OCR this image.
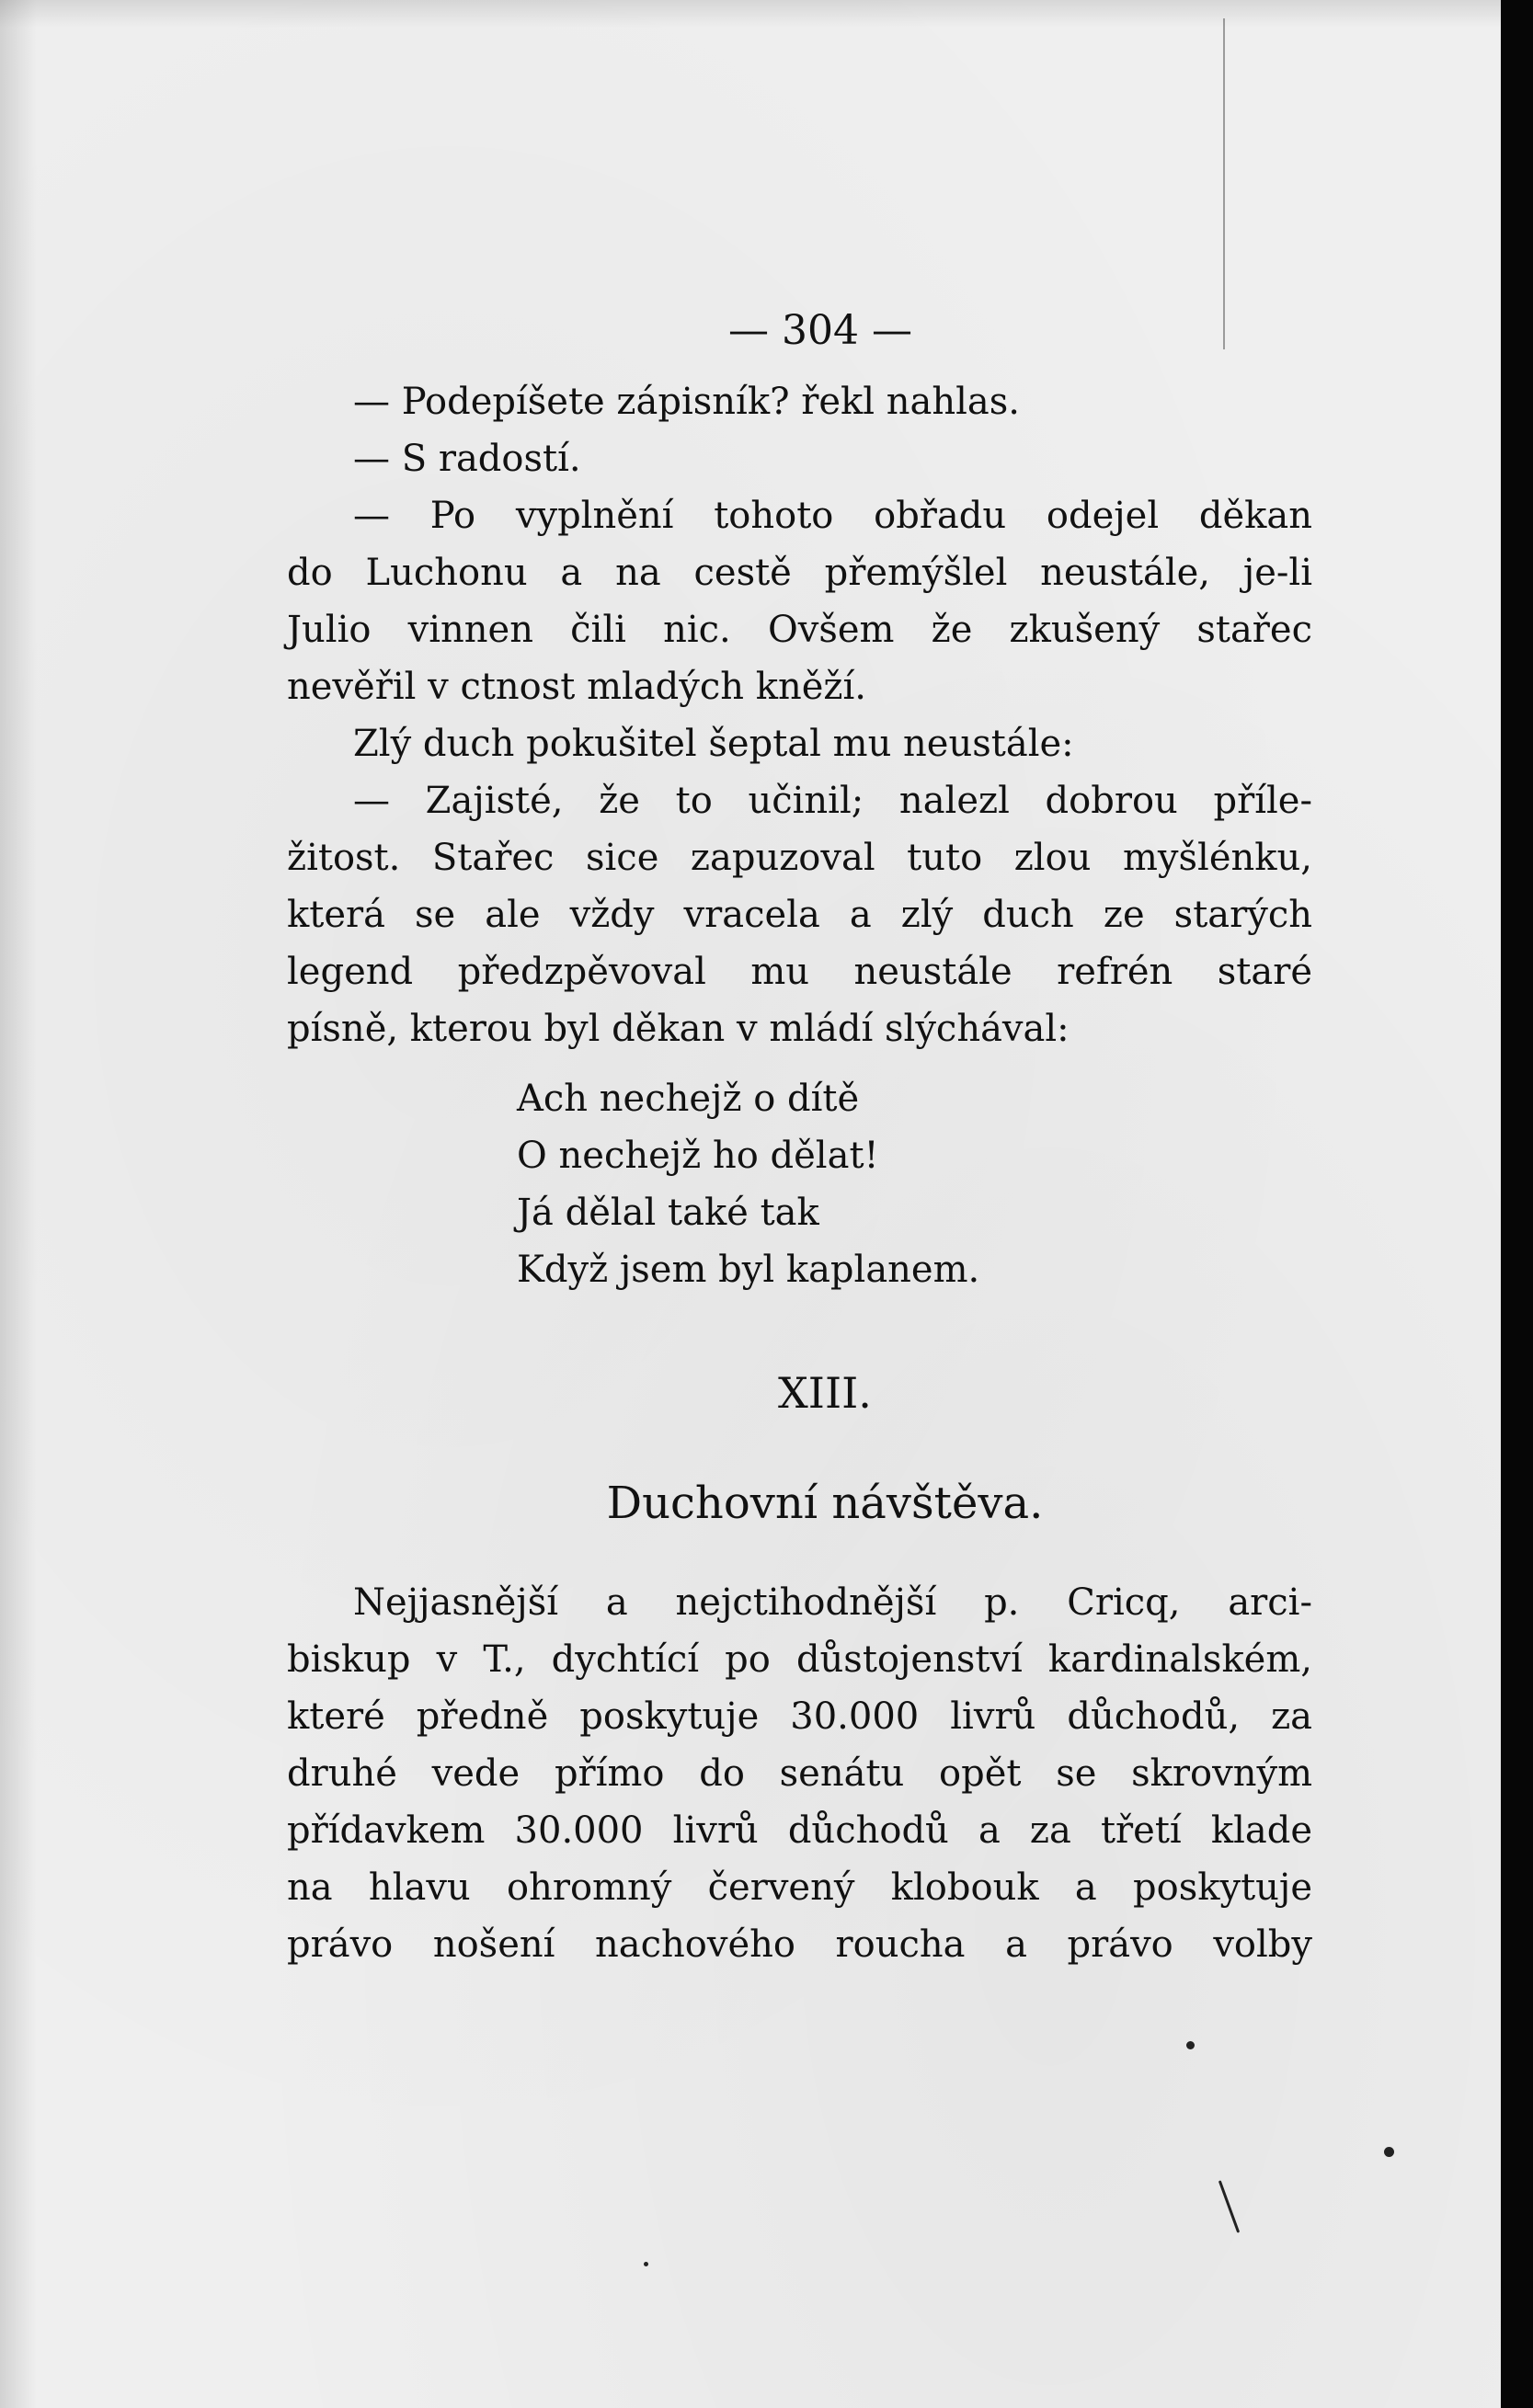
— 304 —
— Podepíšete zápisník? řekl nahlas.
— S radostí.
— Po vyplnění tohoto obřadu odejel děkan
do Luchonu a na cestě přemýšlel neustále, je-li
Julio vinnen čili nic. Ovšem že zkušený stařec
nevěřil v ctnost mladých kněží.
Zlý duch pokušitel šeptal mu neustále:
— Zajisté, že to učinil; nalezl dobrou příle-
žitost. Stařec sice zapuzoval tuto zlou myšlénku,
která se ale vždy vracela a zlý duch ze starých
legend předzpěvoval mu neustále refrén staré
písně, kterou byl děkan v mládí slýchával:
Ach nechejž o dítě
O nechejž ho dělat!
Já dělal také tak
Když jsem byl kaplanem.
XIII.
Duchovní návštěva.
Nejjasnější a nejctihodnější p. Cricq, arci-
biskup v T., dychtící po důstojenství kardinalském,
které předně poskytuje 30.000 livrů důchodů, za
druhé vede přímo do senátu opět se skrovným
přídavkem 30.000 livrů důchodů a za třetí klade
na hlavu ohromný červený klobouk a poskytuje
právo nošení nachového roucha a právo volby
